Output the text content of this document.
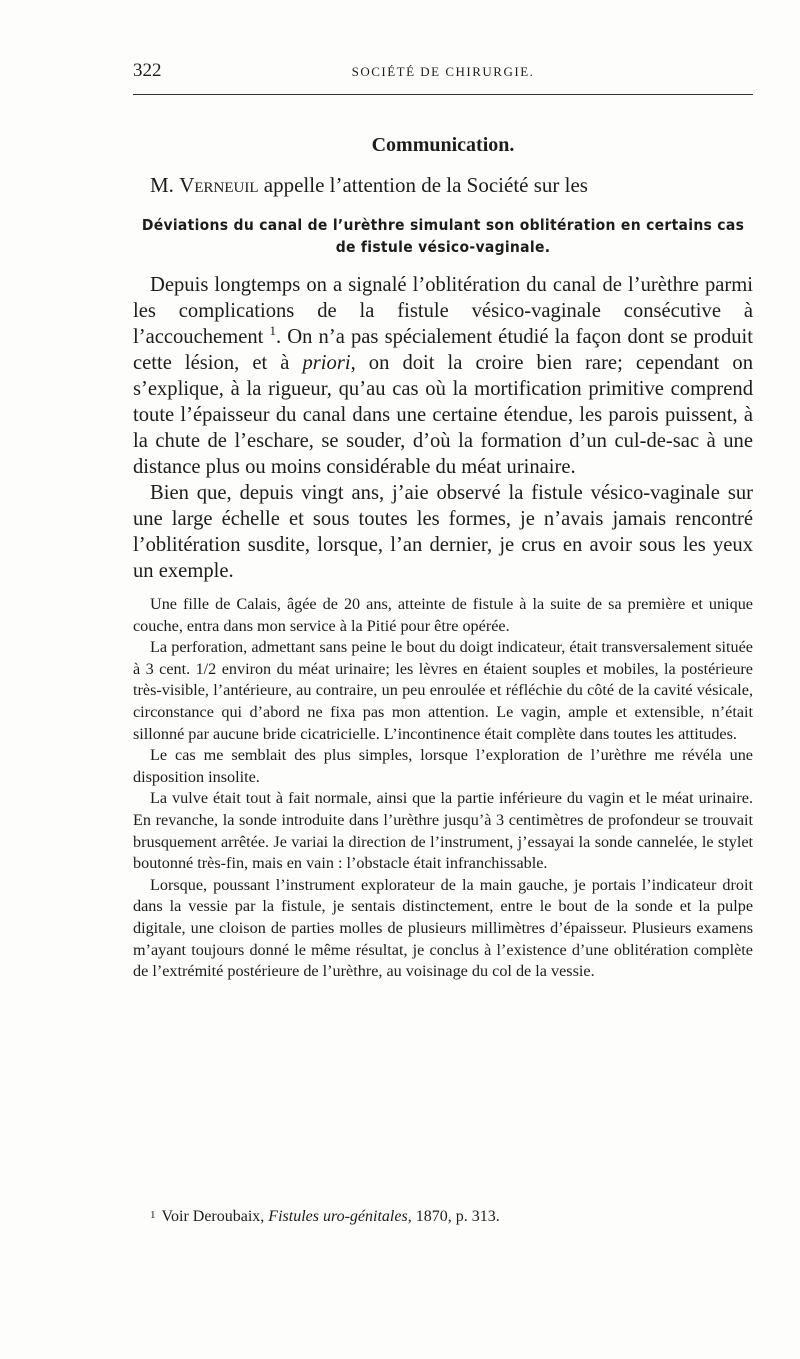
322	SOCIÉTÉ DE CHIRURGIE.

Communication.

M. Verneuil appelle l’attention de la Société sur les

Déviations du canal de l’urèthre simulant son oblitération en certains cas de fistule vésico-vaginale.

Depuis longtemps on a signalé l’oblitération du canal de l’urèthre parmi les complications de la fistule vésico-vaginale consécutive à l’accouchement $^1$. On n’a pas spécialement étudié la façon dont se produit cette lésion, et à priori, on doit la croire bien rare; cependant on s’explique, à la rigueur, qu’au cas où la mortification primitive comprend toute l’épaisseur du canal dans une certaine étendue, les parois puissent, à la chute de l’eschare, se souder, d’où la formation d’un cul-de-sac à une distance plus ou moins considérable du méat urinaire.

Bien que, depuis vingt ans, j’aie observé la fistule vésico-vaginale sur une large échelle et sous toutes les formes, je n’avais jamais rencontré l’oblitération susdite, lorsque, l’an dernier, je crus en avoir sous les yeux un exemple.

Une fille de Calais, âgée de 20 ans, atteinte de fistule à la suite de sa première et unique couche, entra dans mon service à la Pitié pour être opérée.

La perforation, admettant sans peine le bout du doigt indicateur, était transversalement située à 3 cent. 1/2 environ du méat urinaire; les lèvres en étaient souples et mobiles, la postérieure très-visible, l’antérieure, au contraire, un peu enroulée et réfléchie du côté de la cavité vésicale, circonstance qui d’abord ne fixa pas mon attention. Le vagin, ample et extensible, n’était sillonné par aucune bride cicatricielle. L’incontinence était complète dans toutes les attitudes.

Le cas me semblait des plus simples, lorsque l’exploration de l’urèthre me révéla une disposition insolite.

La vulve était tout à fait normale, ainsi que la partie inférieure du vagin et le méat urinaire. En revanche, la sonde introduite dans l’urèthre jusqu’à 3 centimètres de profondeur se trouvait brusquement arrêtée. Je variai la direction de l’instrument, j’essayai la sonde cannelée, le stylet boutonné très-fin, mais en vain : l’obstacle était infranchissable.

Lorsque, poussant l’instrument explorateur de la main gauche, je portais l’indicateur droit dans la vessie par la fistule, je sentais distinctement, entre le bout de la sonde et la pulpe digitale, une cloison de parties molles de plusieurs millimètres d’épaisseur. Plusieurs examens m’ayant toujours donné le même résultat, je conclus à l’existence d’une oblitération complète de l’extrémité postérieure de l’urèthre, au voisinage du col de la vessie.

1 Voir Deroubaix, Fistules uro-génitales, 1870, p. 313.
